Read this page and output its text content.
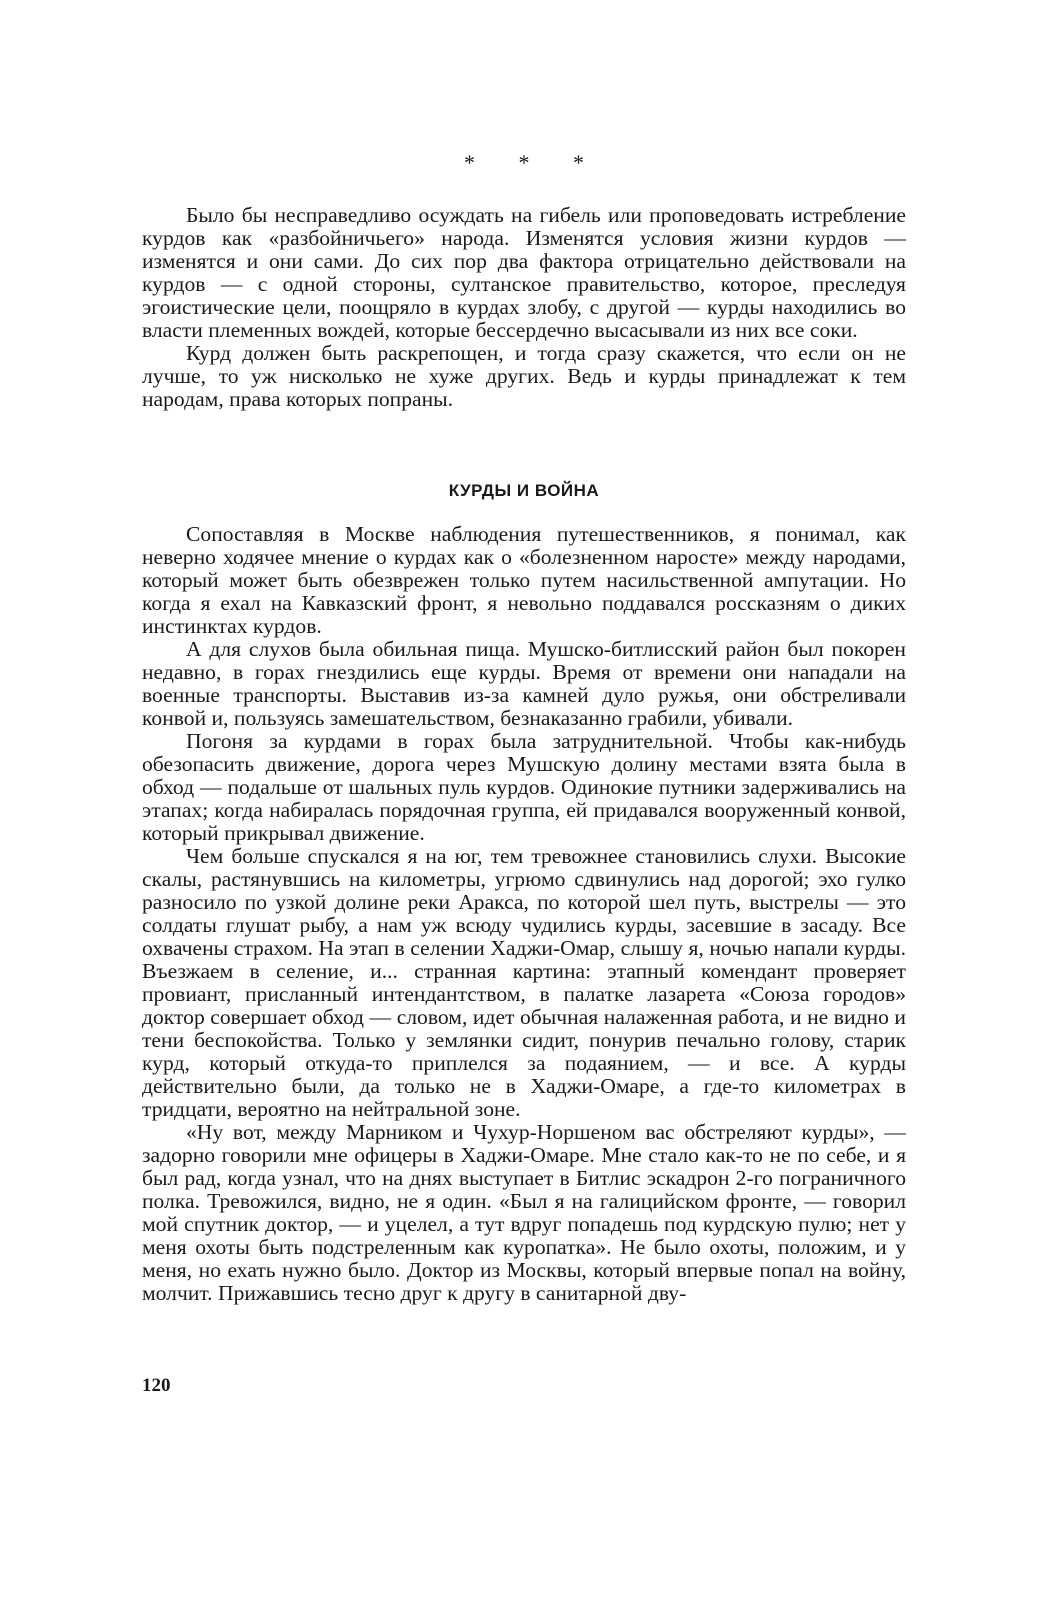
* * *

Было бы несправедливо осуждать на гибель или проповедовать истребление курдов как «разбойничьего» народа. Изменятся условия жизни курдов — изменятся и они сами. До сих пор два фактора отрицательно действовали на курдов — с одной стороны, султанское правительство, которое, преследуя эгоистические цели, поощряло в курдах злобу, с другой — курды находились во власти племенных вождей, которые бессердечно высасывали из них все соки.

Курд должен быть раскрепощен, и тогда сразу скажется, что если он не лучше, то уж нисколько не хуже других. Ведь и курды принадлежат к тем народам, права которых попраны.

КУРДЫ И ВОЙНА

Сопоставляя в Москве наблюдения путешественников, я понимал, как неверно ходячее мнение о курдах как о «болезненном наросте» между народами, который может быть обезврежен только путем насильственной ампутации. Но когда я ехал на Кавказский фронт, я невольно поддавался россказням о диких инстинктах курдов.

А для слухов была обильная пища. Мушско-битлисский район был покорен недавно, в горах гнездились еще курды. Время от времени они нападали на военные транспорты. Выставив из-за камней дуло ружья, они обстреливали конвой и, пользуясь замешательством, безнаказанно грабили, убивали.

Погоня за курдами в горах была затруднительной. Чтобы как-нибудь обезопасить движение, дорога через Мушскую долину местами взята была в обход — подальше от шальных пуль курдов. Одинокие путники задерживались на этапах; когда набиралась порядочная группа, ей придавался вооруженный конвой, который прикрывал движение.

Чем больше спускался я на юг, тем тревожнее становились слухи. Высокие скалы, растянувшись на километры, угрюмо сдвинулись над дорогой; эхо гулко разносило по узкой долине реки Аракса, по которой шел путь, выстрелы — это солдаты глушат рыбу, а нам уж всюду чудились курды, засевшие в засаду. Все охвачены страхом. На этап в селении Хаджи-Омар, слышу я, ночью напали курды. Въезжаем в селение, и... странная картина: этапный комендант проверяет провиант, присланный интендантством, в палатке лазарета «Союза городов» доктор совершает обход — словом, идет обычная налаженная работа, и не видно и тени беспокойства. Только у землянки сидит, понурив печально голову, старик курд, который откуда-то приплелся за подаянием, — и все. А курды действительно были, да только не в Хаджи-Омаре, а где-то километрах в тридцати, вероятно на нейтральной зоне.

«Ну вот, между Марником и Чухур-Норшеном вас обстреляют курды», — задорно говорили мне офицеры в Хаджи-Омаре. Мне стало как-то не по себе, и я был рад, когда узнал, что на днях выступает в Битлис эскадрон 2-го пограничного полка. Тревожился, видно, не я один. «Был я на галицийском фронте, — говорил мой спутник доктор, — и уцелел, а тут вдруг попадешь под курдскую пулю; нет у меня охоты быть подстреленным как куропатка». Не было охоты, положим, и у меня, но ехать нужно было. Доктор из Москвы, который впервые попал на войну, молчит. Прижавшись тесно друг к другу в санитарной дву-

120
